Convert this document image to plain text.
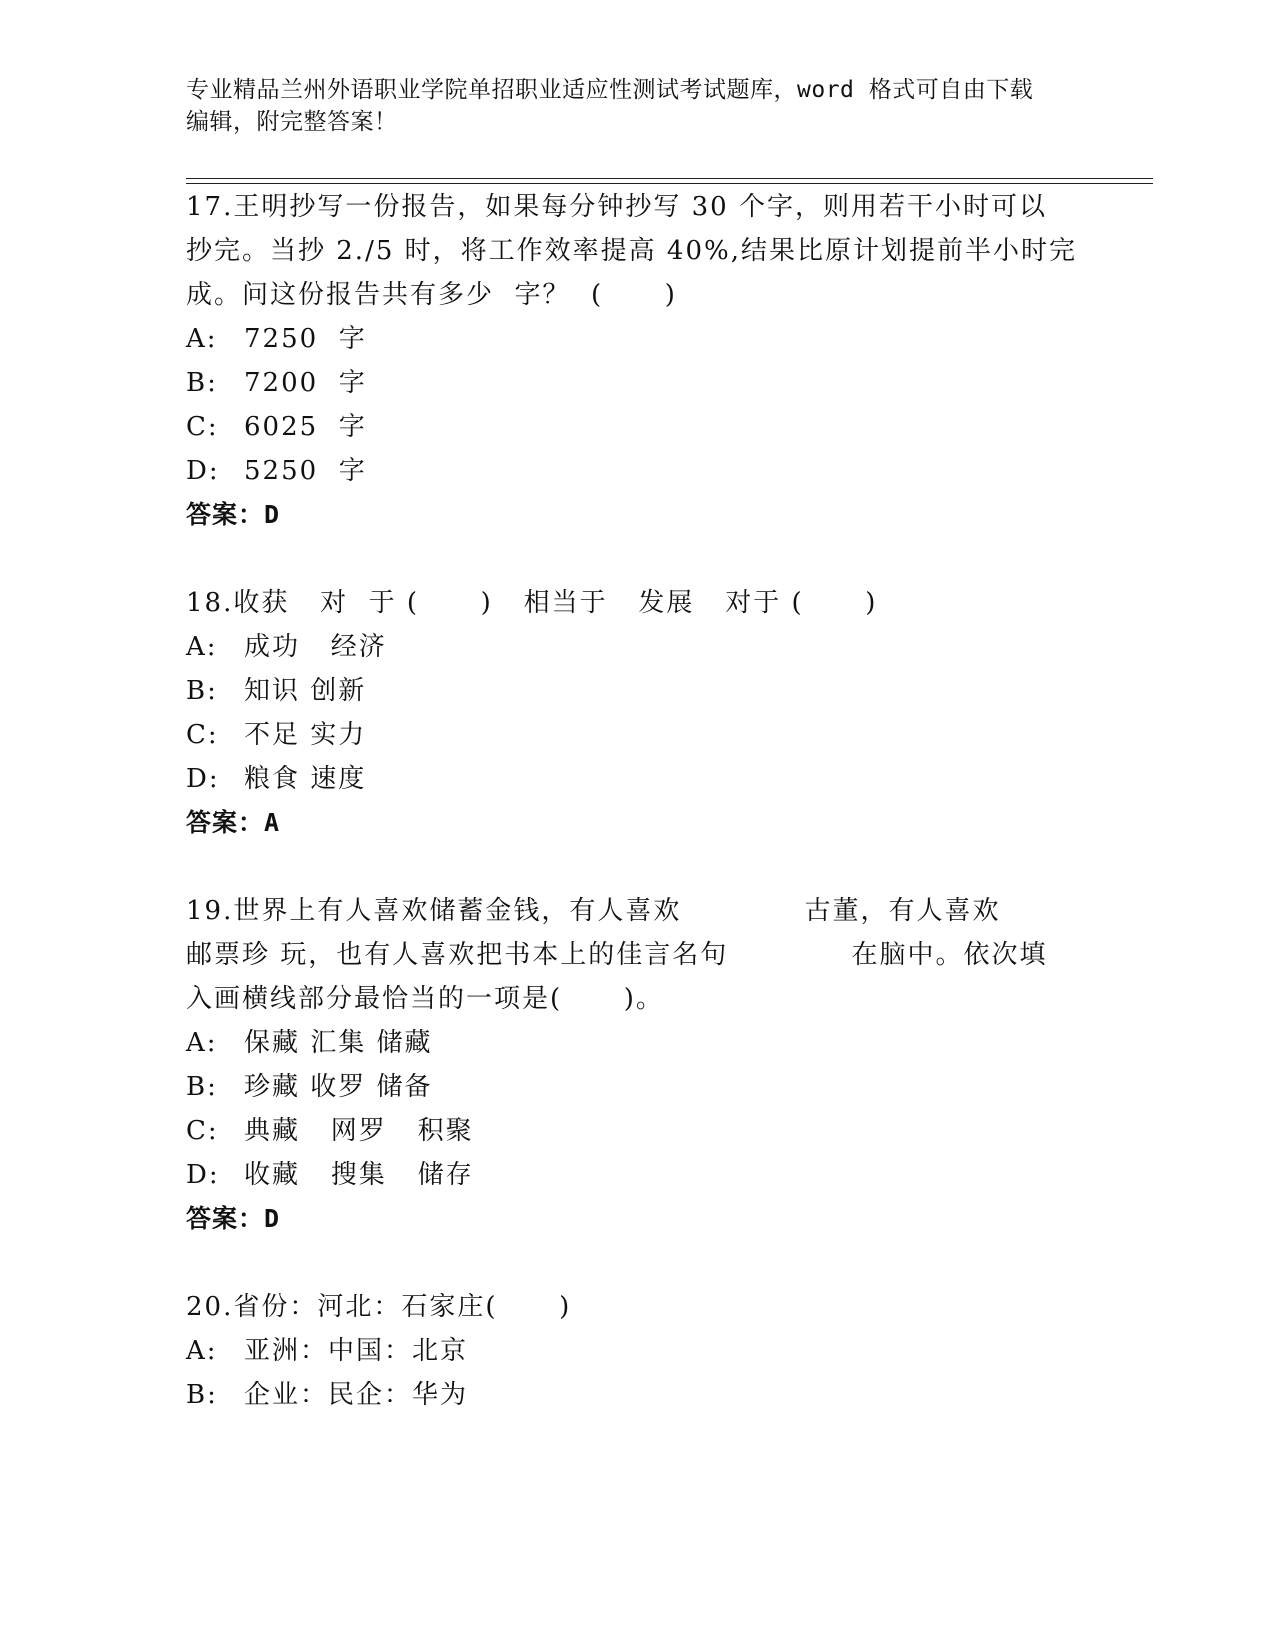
专业精品兰州外语职业学院单招职业适应性测试考试题库，word 格式可自由下载
编辑，附完整答案！
17.王明抄写一份报告，如果每分钟抄写 30 个字，则用若干小时可以
抄完。当抄 2./5 时，将工作效率提高 40%,结果比原计划提前半小时完
成。问这份报告共有多少  字？  (      )
A: 7250  字
B: 7200  字
C: 6025  字
D: 5250  字
答案：D
18.收获   对  于 (      )   相当于   发展   对于 (      )
A: 成功   经济
B: 知识 创新
C: 不足 实力
D: 粮食 速度
答案：A
19.世界上有人喜欢储蓄金钱，有人喜欢            古董，有人喜欢
邮票珍 玩，也有人喜欢把书本上的佳言名句            在脑中。依次填
入画横线部分最恰当的一项是(      )。
A: 保藏 汇集 储藏
B: 珍藏 收罗 储备
C: 典藏   网罗   积聚
D: 收藏   搜集   储存
答案：D
20.省份：河北：石家庄(      )
A: 亚洲：中国：北京
B: 企业：民企：华为
